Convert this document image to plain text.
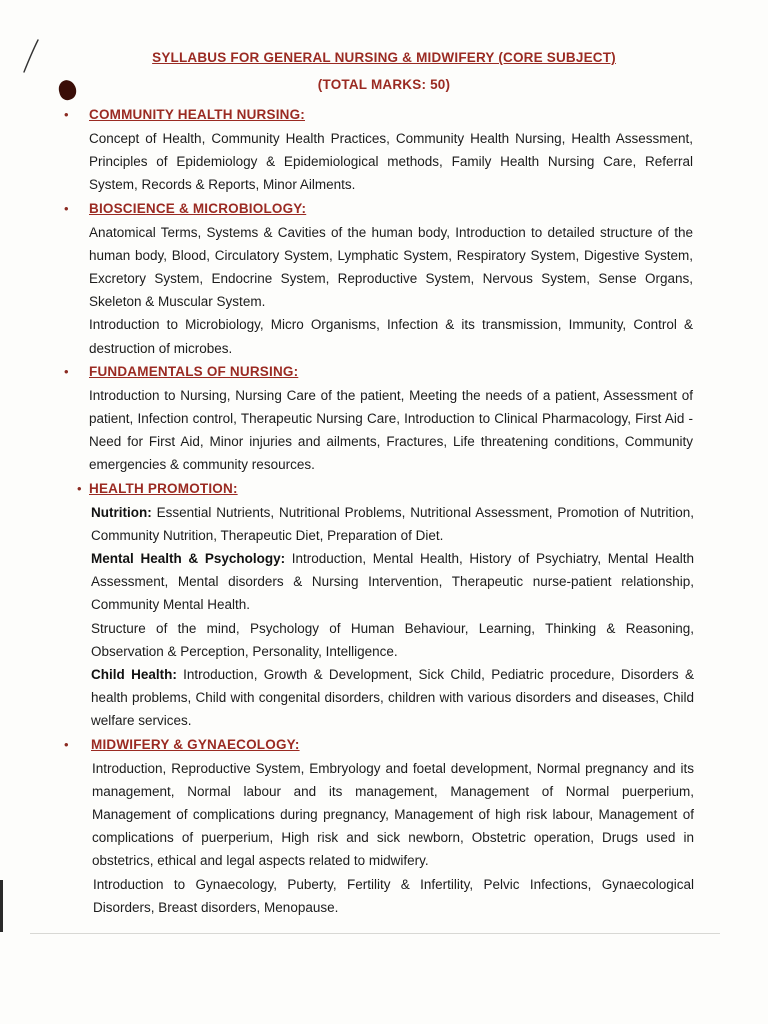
SYLLABUS FOR GENERAL NURSING & MIDWIFERY (CORE SUBJECT)
(TOTAL MARKS: 50)
•	COMMUNITY HEALTH NURSING:

Concept of Health, Community Health Practices, Community Health Nursing, Health Assessment, Principles of Epidemiology & Epidemiological methods, Family Health Nursing Care, Referral System, Records & Reports, Minor Ailments.

•	BIOSCIENCE & MICROBIOLOGY:

Anatomical Terms, Systems & Cavities of the human body, Introduction to detailed structure of the human body, Blood, Circulatory System, Lymphatic System, Respiratory System, Digestive System, Excretory System, Endocrine System, Reproductive System, Nervous System, Sense Organs, Skeleton & Muscular System.

Introduction to Microbiology, Micro Organisms, Infection & its transmission, Immunity, Control & destruction of microbes.

•	FUNDAMENTALS OF NURSING:

Introduction to Nursing, Nursing Care of the patient, Meeting the needs of a patient, Assessment of patient, Infection control, Therapeutic Nursing Care, Introduction to Clinical Pharmacology, First Aid - Need for First Aid, Minor injuries and ailments, Fractures, Life threatening conditions, Community emergencies & community resources.

• HEALTH PROMOTION:

Nutrition: Essential Nutrients, Nutritional Problems, Nutritional Assessment, Promotion of Nutrition, Community Nutrition, Therapeutic Diet, Preparation of Diet.

Mental Health & Psychology: Introduction, Mental Health, History of Psychiatry, Mental Health Assessment, Mental disorders & Nursing Intervention, Therapeutic nurse-patient relationship, Community Mental Health.

Structure of the mind, Psychology of Human Behaviour, Learning, Thinking & Reasoning, Observation & Perception, Personality, Intelligence.

Child Health: Introduction, Growth & Development, Sick Child, Pediatric procedure, Disorders & health problems, Child with congenital disorders, children with various disorders and diseases, Child welfare services.

•	MIDWIFERY & GYNAECOLOGY:

Introduction, Reproductive System, Embryology and foetal development, Normal pregnancy and its management, Normal labour and its management, Management of Normal puerperium, Management of complications during pregnancy, Management of high risk labour, Management of complications of puerperium, High risk and sick newborn, Obstetric operation, Drugs used in obstetrics, ethical and legal aspects related to midwifery.

Introduction to Gynaecology, Puberty, Fertility & Infertility, Pelvic Infections, Gynaecological Disorders, Breast disorders, Menopause.
